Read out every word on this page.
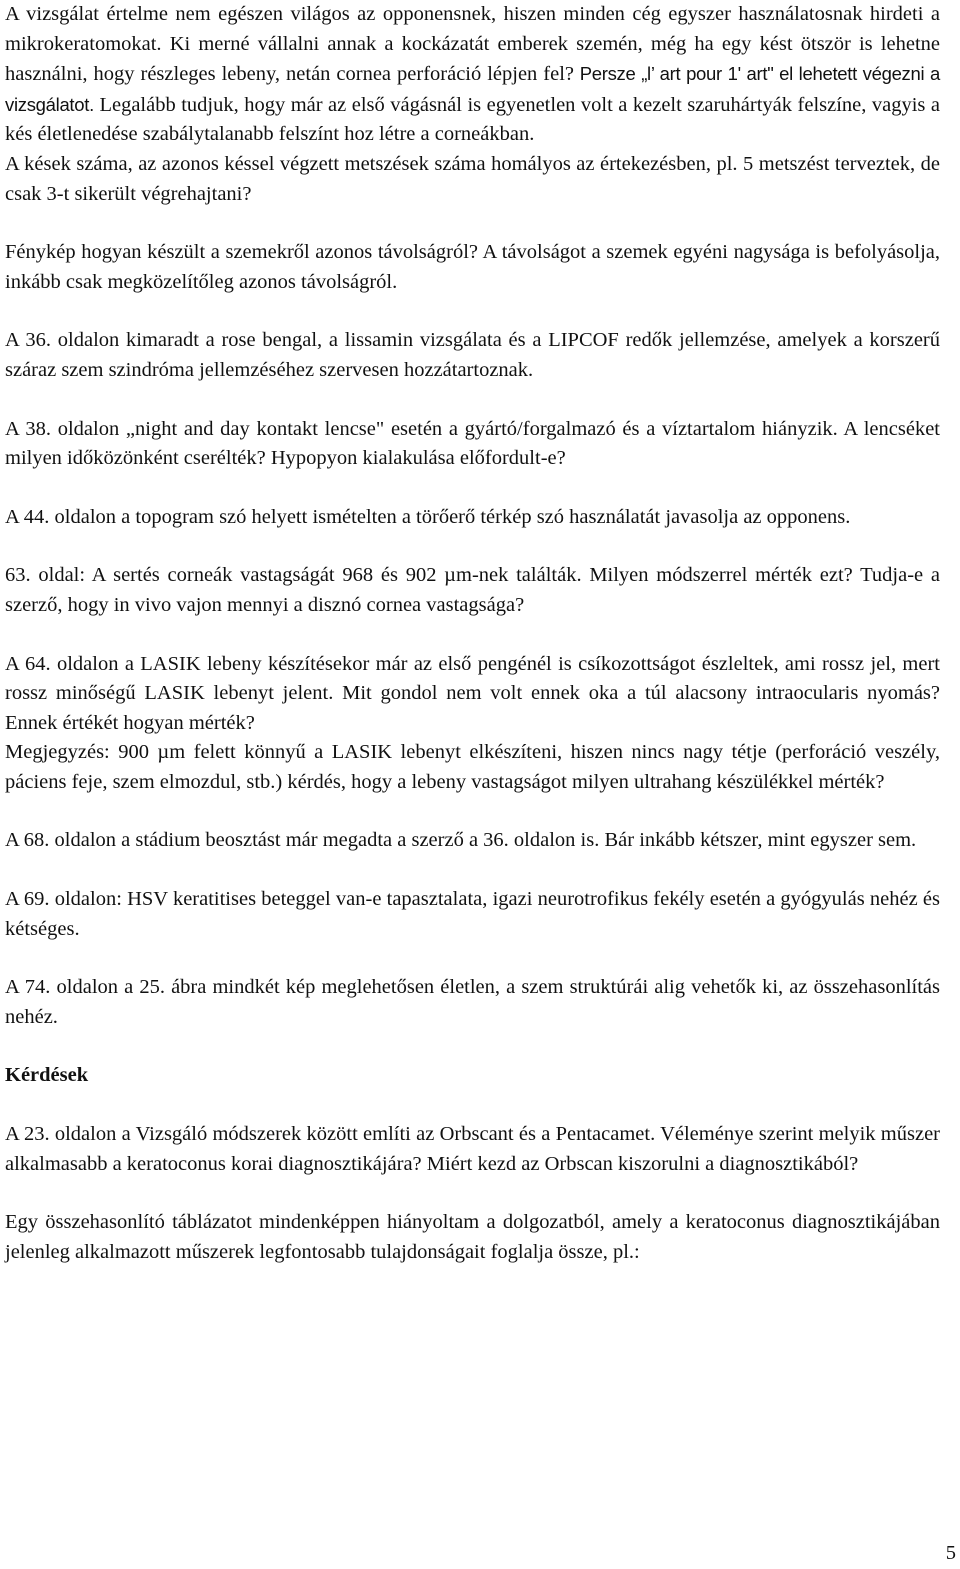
A vizsgálat értelme nem egészen világos az opponensnek, hiszen minden cég egyszer használatosnak hirdeti a mikrokeratomokat. Ki merné vállalni annak a kockázatát emberek szemén, még ha egy kést ötször is lehetne használni, hogy részleges lebeny, netán cornea perforáció lépjen fel? Persze „l’ art pour 1' art" el lehetett végezni a vizsgálatot. Legalább tudjuk, hogy már az első vágásnál is egyenetlen volt a kezelt szaruhártyák felszíne, vagyis a kés életlenedése szabálytalanabb felszínt hoz létre a corneákban.

A kések száma, az azonos késsel végzett metszések száma homályos az értekezésben, pl. 5 metszést terveztek, de csak 3-t sikerült végrehajtani?

Fénykép hogyan készült a szemekről azonos távolságról? A távolságot a szemek egyéni nagysága is befolyásolja, inkább csak megközelítőleg azonos távolságról.

A 36. oldalon kimaradt a rose bengal, a lissamin vizsgálata és a LIPCOF redők jellemzése, amelyek a korszerű száraz szem szindróma jellemzéséhez szervesen hozzátartoznak.

A 38. oldalon „night and day kontakt lencse" esetén a gyártó/forgalmazó és a víztartalom hiányzik. A lencséket milyen időközönként cserélték? Hypopyon kialakulása előfordult-e?

A 44. oldalon a topogram szó helyett ismételten a törőerő térkép szó használatát javasolja az opponens.

63. oldal: A sertés corneák vastagságát 968 és 902 µm-nek találták. Milyen módszerrel mérték ezt? Tudja-e a szerző, hogy in vivo vajon mennyi a disznó cornea vastagsága?

A 64. oldalon a LASIK lebeny készítésekor már az első pengénél is csíkozottságot észleltek, ami rossz jel, mert rossz minőségű LASIK lebenyt jelent. Mit gondol nem volt ennek oka a túl alacsony intraocularis nyomás? Ennek értékét hogyan mérték?

Megjegyzés: 900 µm felett könnyű a LASIK lebenyt elkészíteni, hiszen nincs nagy tétje (perforáció veszély, páciens feje, szem elmozdul, stb.) kérdés, hogy a lebeny vastagságot milyen ultrahang készülékkel mérték?

A 68. oldalon a stádium beosztást már megadta a szerző a 36. oldalon is. Bár inkább kétszer, mint egyszer sem.

A 69. oldalon: HSV keratitises beteggel van-e tapasztalata, igazi neurotrofikus fekély esetén a gyógyulás nehéz és kétséges.

A 74. oldalon a 25. ábra mindkét kép meglehetősen életlen, a szem struktúrái alig vehetők ki, az összehasonlítás nehéz.

Kérdések

A 23. oldalon a Vizsgáló módszerek között említi az Orbscant és a Pentacamet. Véleménye szerint melyik műszer alkalmasabb a keratoconus korai diagnosztikájára? Miért kezd az Orbscan kiszorulni a diagnosztikából?

Egy összehasonlító táblázatot mindenképpen hiányoltam a dolgozatból, amely a keratoconus diagnosztikájában jelenleg alkalmazott műszerek legfontosabb tulajdonságait foglalja össze, pl.:

5
